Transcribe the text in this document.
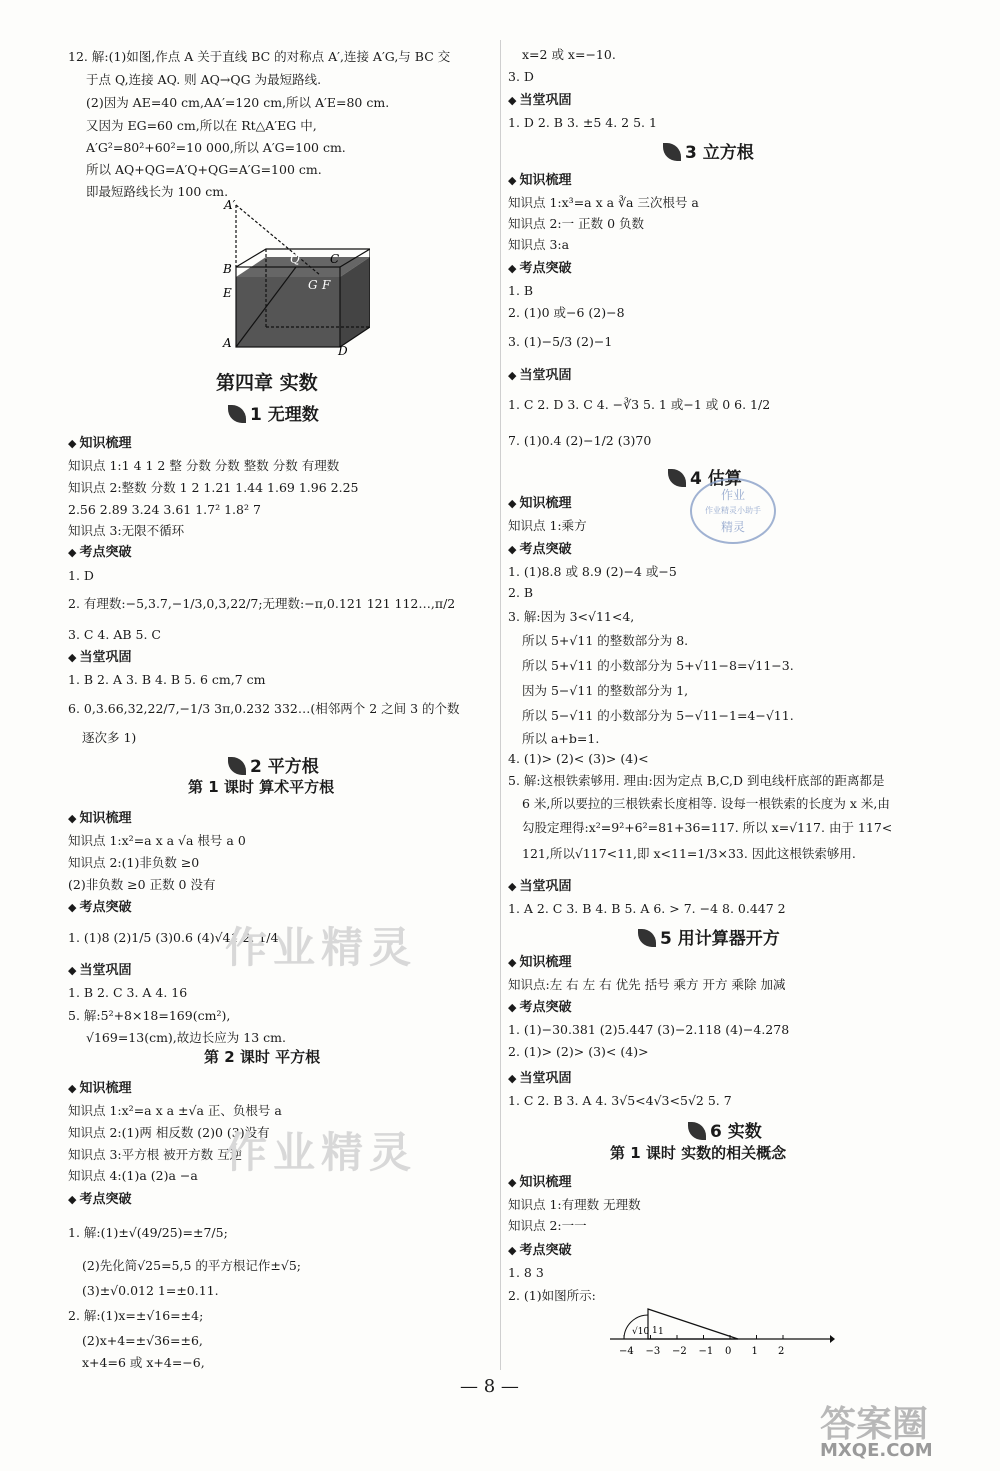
12. 解:(1)如图,作点 A 关于直线 BC 的对称点 A′,连接 A′G,与 BC 交
于点 Q,连接 AQ. 则 AQ→QG 为最短路线.
(2)因为 AE=40 cm,AA′=120 cm,所以 A′E=80 cm.
又因为 EG=60 cm,所以在 Rt△A′EG 中,
A′G²=80²+60²=10 000,所以 A′G=100 cm.
所以 AQ+QG=A′Q+QG=A′G=100 cm.
即最短路线长为 100 cm.
知识点 1:1 4 1 2 整 分数 分数 整数 分数 有理数
知识点 2:整数 分数 1 2 1.21 1.44 1.69 1.96 2.25
2.56 2.89 3.24 3.61 1.7² 1.8² 7
知识点 3:无限不循环
1. D
2. 有理数:−5,3.7,−1/3,0,3,22/7;无理数:−π,0.121 121 112…,π/2
3. C 4. AB 5. C
1. B 2. A 3. B 4. B 5. 6 cm,7 cm
6. 0,3.66,32,22/7,−1/3 3π,0.232 332…(相邻两个 2 之间 3 的个数
逐次多 1)
知识点 1:x²=a x a √a 根号 a 0
知识点 2:(1)非负数 ≥0
(2)非负数 ≥0 正数 0 没有
1. (1)8 (2)1/5 (3)0.6 (4)√41 2. 1/4
1. B 2. C 3. A 4. 16
5. 解:5²+8×18=169(cm²),
√169=13(cm),故边长应为 13 cm.
知识点 1:x²=a x a ±√a 正、负根号 a
知识点 2:(1)两 相反数 (2)0 (3)没有
知识点 3:平方根 被开方数 互逆
知识点 4:(1)a (2)a −a
1. 解:(1)±√(49/25)=±7/5;
(2)先化简√25=5,5 的平方根记作±√5;
(3)±√0.012 1=±0.11.
2. 解:(1)x=±√16=±4;
(2)x+4=±√36=±6,
x+4=6 或 x+4=−6,
◆ 知识梳理
◆ 考点突破
◆ 当堂巩固
◆ 知识梳理
◆ 考点突破
◆ 当堂巩固
◆ 知识梳理
◆ 考点突破
1 无理数
2 平方根
第 1 课时 算术平方根
第 2 课时 平方根
第四章 实数
A′
B
E
A
D
Q	C
G F
x=2 或 x=−10.
3. D
1. D 2. B 3. ±5 4. 2 5. 1
知识点 1:x³=a x a ∛a 三次根号 a
知识点 2:一 正数 0 负数
知识点 3:a
1. B
2. (1)0 或−6 (2)−8
3. (1)−5/3 (2)−1
1. C 2. D 3. C 4. −∛3 5. 1 或−1 或 0 6. 1/2
7. (1)0.4 (2)−1/2 (3)70
知识点 1:乘方
1. (1)8.8 或 8.9 (2)−4 或−5
2. B
3. 解:因为 3<√11<4,
所以 5+√11 的整数部分为 8.
所以 5+√11 的小数部分为 5+√11−8=√11−3.
因为 5−√11 的整数部分为 1,
所以 5−√11 的小数部分为 5−√11−1=4−√11.
所以 a+b=1.
4. (1)> (2)< (3)> (4)<
5. 解:这根铁索够用. 理由:因为定点 B,C,D 到电线杆底部的距离都是
6 米,所以要拉的三根铁索长度相等. 设每一根铁索的长度为 x 米,由
勾股定理得:x²=9²+6²=81+36=117. 所以 x=√117. 由于 117<
121,所以√117<11,即 x<11=1/3×33. 因此这根铁索够用.
1. A 2. C 3. B 4. B 5. A 6. > 7. −4 8. 0.447 2
知识点:左 右 左 右 优先 括号 乘方 开方 乘除 加减
1. (1)−30.381 (2)5.447 (3)−2.118 (4)−4.278
2. (1)> (2)> (3)< (4)>
1. C 2. B 3. A 4. 3√5<4√3<5√2 5. 7
知识点 1:有理数 无理数
知识点 2:一一
1. 8 3
2. (1)如图所示:
◆ 当堂巩固
◆ 知识梳理
◆ 考点突破
◆ 当堂巩固
◆ 知识梳理
◆ 考点突破
◆ 当堂巩固
◆ 知识梳理
◆ 考点突破
◆ 当堂巩固
◆ 知识梳理
◆ 考点突破
3 立方根
4 估算
5 用计算器开方
6 实数
第 1 课时 实数的相关概念
−4 −3 −2 −1 0 1 2
1
√10 1
作业
作业精灵小助手
精灵
作业精灵
作业精灵
答案圈
MXQE.COM
— 8 —
